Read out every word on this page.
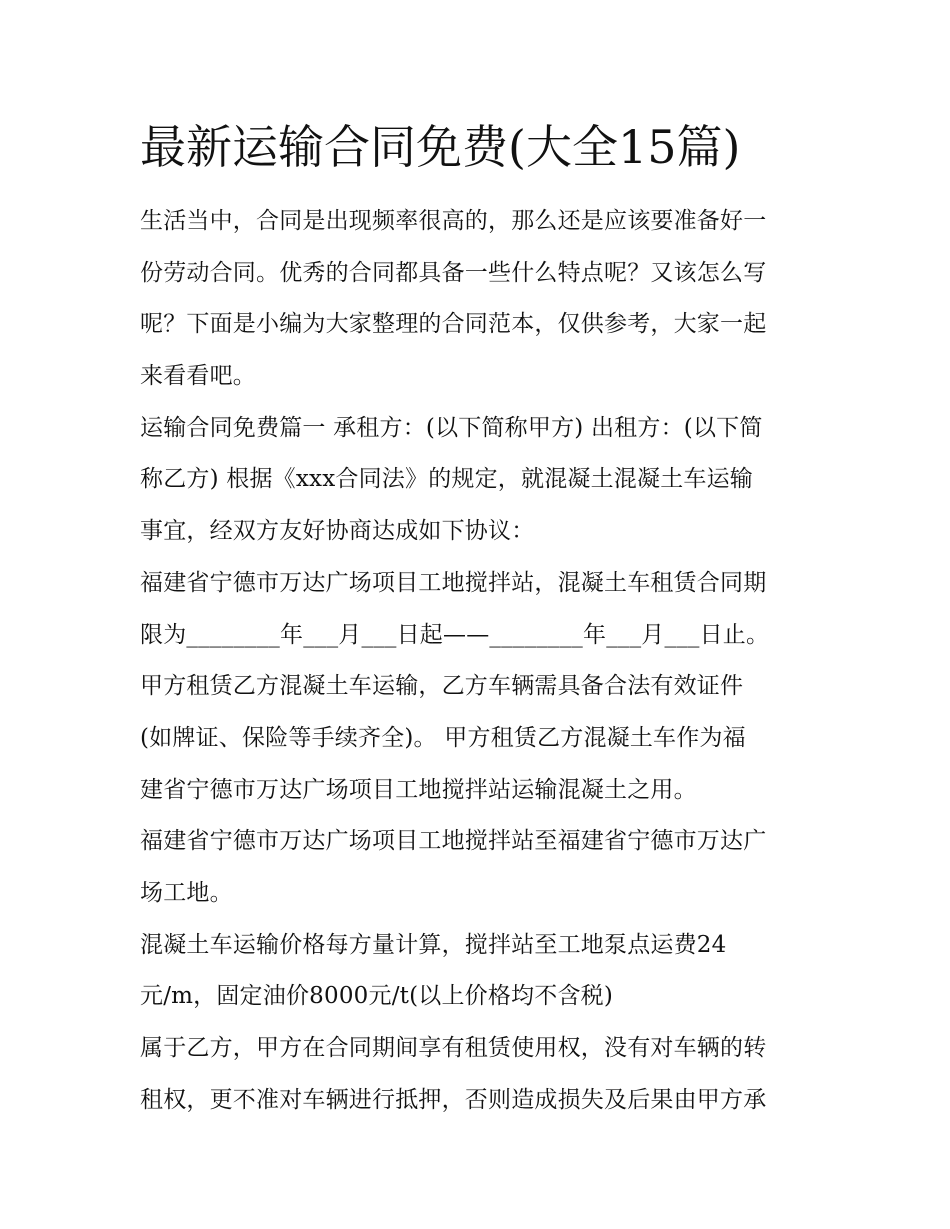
最新运输合同免费(大全15篇)
生活当中，合同是出现频率很高的，那么还是应该要准备好一
份劳动合同。优秀的合同都具备一些什么特点呢？又该怎么写
呢？下面是小编为大家整理的合同范本，仅供参考，大家一起
来看看吧。
运输合同免费篇一 承租方：(以下简称甲方) 出租方：(以下简
称乙方) 根据《xxx合同法》的规定，就混凝土混凝土车运输
事宜，经双方友好协商达成如下协议：
福建省宁德市万达广场项目工地搅拌站，混凝土车租赁合同期
限为________年___月___日起——________年___月___日止。
甲方租赁乙方混凝土车运输，乙方车辆需具备合法有效证件
(如牌证、保险等手续齐全)。 甲方租赁乙方混凝土车作为福
建省宁德市万达广场项目工地搅拌站运输混凝土之用。
福建省宁德市万达广场项目工地搅拌站至福建省宁德市万达广
场工地。
混凝土车运输价格每方量计算，搅拌站至工地泵点运费24
元/m，固定油价8000元/t(以上价格均不含税)
属于乙方，甲方在合同期间享有租赁使用权，没有对车辆的转
租权，更不准对车辆进行抵押，否则造成损失及后果由甲方承
